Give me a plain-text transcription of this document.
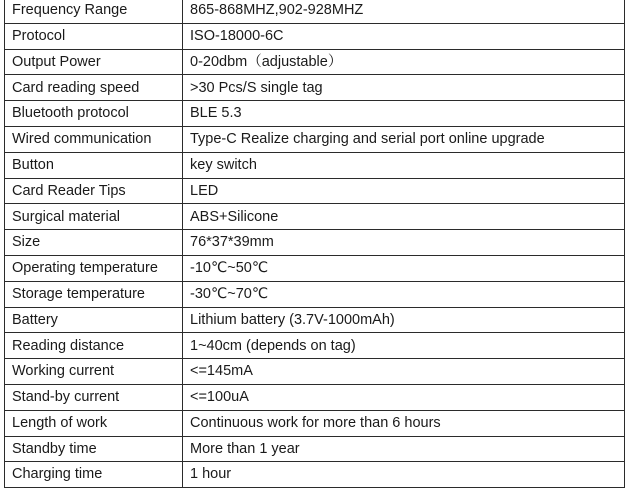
Frequency Range	865-868MHZ,902-928MHZ
Protocol	ISO-18000-6C
Output Power	0-20dbm（adjustable）
Card reading speed	>30 Pcs/S single tag
Bluetooth protocol	BLE 5.3
Wired communication	Type-C Realize charging and serial port online upgrade
Button	key switch
Card Reader Tips	LED
Surgical material	ABS+Silicone
Size	76*37*39mm
Operating temperature	-10℃~50℃
Storage temperature	-30℃~70℃
Battery	Lithium battery (3.7V-1000mAh)
Reading distance	1~40cm (depends on tag)
Working current	<=145mA
Stand-by current	<=100uA
Length of work	Continuous work for more than 6 hours
Standby time	More than 1 year
Charging time	1 hour
